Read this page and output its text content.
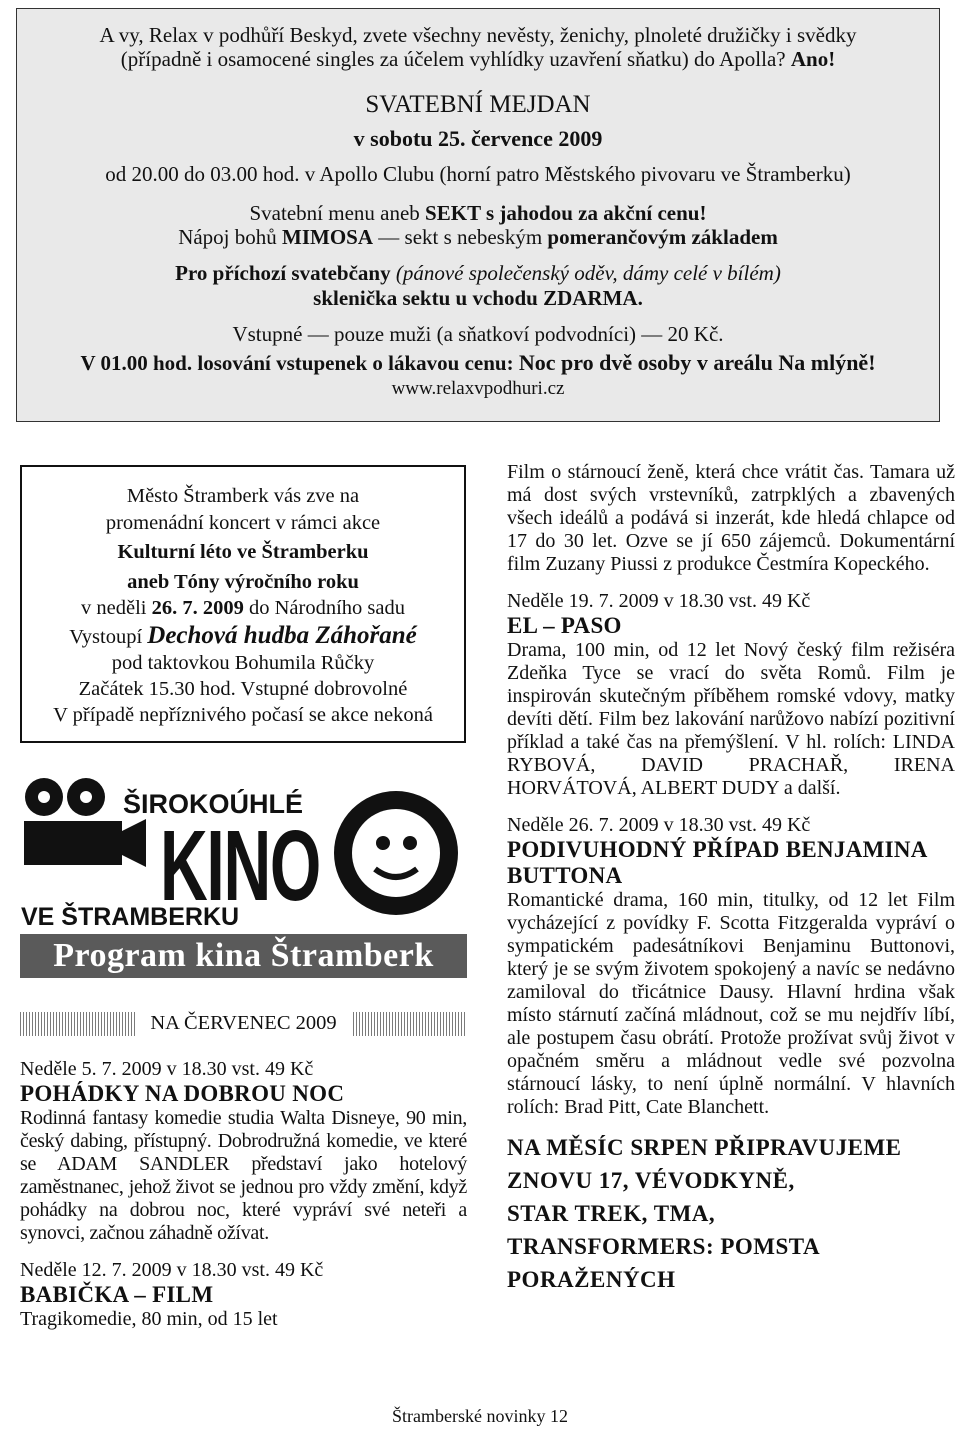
A vy, Relax v podhůří Beskyd, zvete všechny nevěsty, ženichy, plnoleté družičky i svědky
(případně i osamocené singles za účelem vyhlídky uzavření sňatku) do Apolla? Ano!
SVATEBNÍ MEJDAN
v sobotu 25. července 2009
od 20.00 do 03.00 hod. v Apollo Clubu (horní patro Městského pivovaru ve Štramberku)
Svatební menu aneb SEKT s jahodou za akční cenu!
Nápoj bohů MIMOSA — sekt s nebeským pomerančovým základem
Pro příchozí svatebčany (pánové společenský oděv, dámy celé v bílém)
sklenička sektu u vchodu ZDARMA.
Vstupné — pouze muži (a sňatkoví podvodníci) — 20 Kč.
V 01.00 hod. losování vstupenek o lákavou cenu: Noc pro dvě osoby v areálu Na mlýně!
www.relaxvpodhuri.cz
Město Štramberk vás zve na
promenádní koncert v rámci akce
Kulturní léto ve Štramberku
aneb Tóny výročního roku
v neděli 26. 7. 2009 do Národního sadu
Vystoupí Dechová hudba Záhořané
pod taktovkou Bohumila Růčky
Začátek 15.30 hod. Vstupné dobrovolné
V případě nepříznivého počasí se akce nekoná
ŠIROKOÚHLÉ
KINO
VE ŠTRAMBERKU
Program kina Štramberk
NA ČERVENEC 2009
Neděle 5. 7. 2009 v 18.30 vst. 49 Kč
POHÁDKY NA DOBROU NOC
Rodinná fantasy komedie studia Walta Disneye, 90 min, český dabing, přístupný. Dobrodružná komedie, ve které se ADAM SANDLER představí jako hotelový zaměstnanec, jehož život se jednou pro vždy změní, když pohádky na dobrou noc, které vypráví své neteři a synovci, začnou záhadně ožívat.
Neděle 12. 7. 2009 v 18.30 vst. 49 Kč
BABIČKA – FILM
Tragikomedie, 80 min, od 15 let
Film o stárnoucí ženě, která chce vrátit čas. Tamara už má dost svých vrstevníků, zatrpklých a zbavených všech ideálů a podává si inzerát, kde hledá chlapce od 17 do 30 let. Ozve se jí 650 zájemců. Dokumentární film Zuzany Piussi z produkce Čestmíra Kopeckého.
Neděle 19. 7. 2009 v 18.30 vst. 49 Kč
EL – PASO
Drama, 100 min, od 12 let Nový český film režiséra Zdeňka Tyce se vrací do světa Romů. Film je inspirován skutečným příběhem romské vdovy, matky devíti dětí. Film bez lakování narůžovo nabízí pozitivní příklad a také čas na přemýšlení. V hl. rolích: LINDA RYBOVÁ, DAVID PRACHAŘ, IRENA HORVÁTOVÁ, ALBERT DUDY a další.
Neděle 26. 7. 2009 v 18.30 vst. 49 Kč
PODIVUHODNÝ PŘÍPAD BENJAMINA BUTTONA
Romantické drama, 160 min, titulky, od 12 let Film vycházející z povídky F. Scotta Fitzgeralda vypráví o sympatickém padesátníkovi Benjaminu Buttonovi, který je se svým životem spokojený a navíc se nedávno zamiloval do třicátnice Dausy. Hlavní hrdina však místo stárnutí začíná mládnout, což se mu nejdřív líbí, ale postupem času obrátí. Protože prožívat svůj život v opačném směru a mládnout vedle své pozvolna stárnoucí lásky, to není úplně normální. V hlavních rolích: Brad Pitt, Cate Blanchett.
NA MĚSÍC SRPEN PŘIPRAVUJEME
ZNOVU 17, VÉVODKYNĚ,
STAR TREK, TMA,
TRANSFORMERS: POMSTA
PORAŽENÝCH
Štramberské novinky 12
